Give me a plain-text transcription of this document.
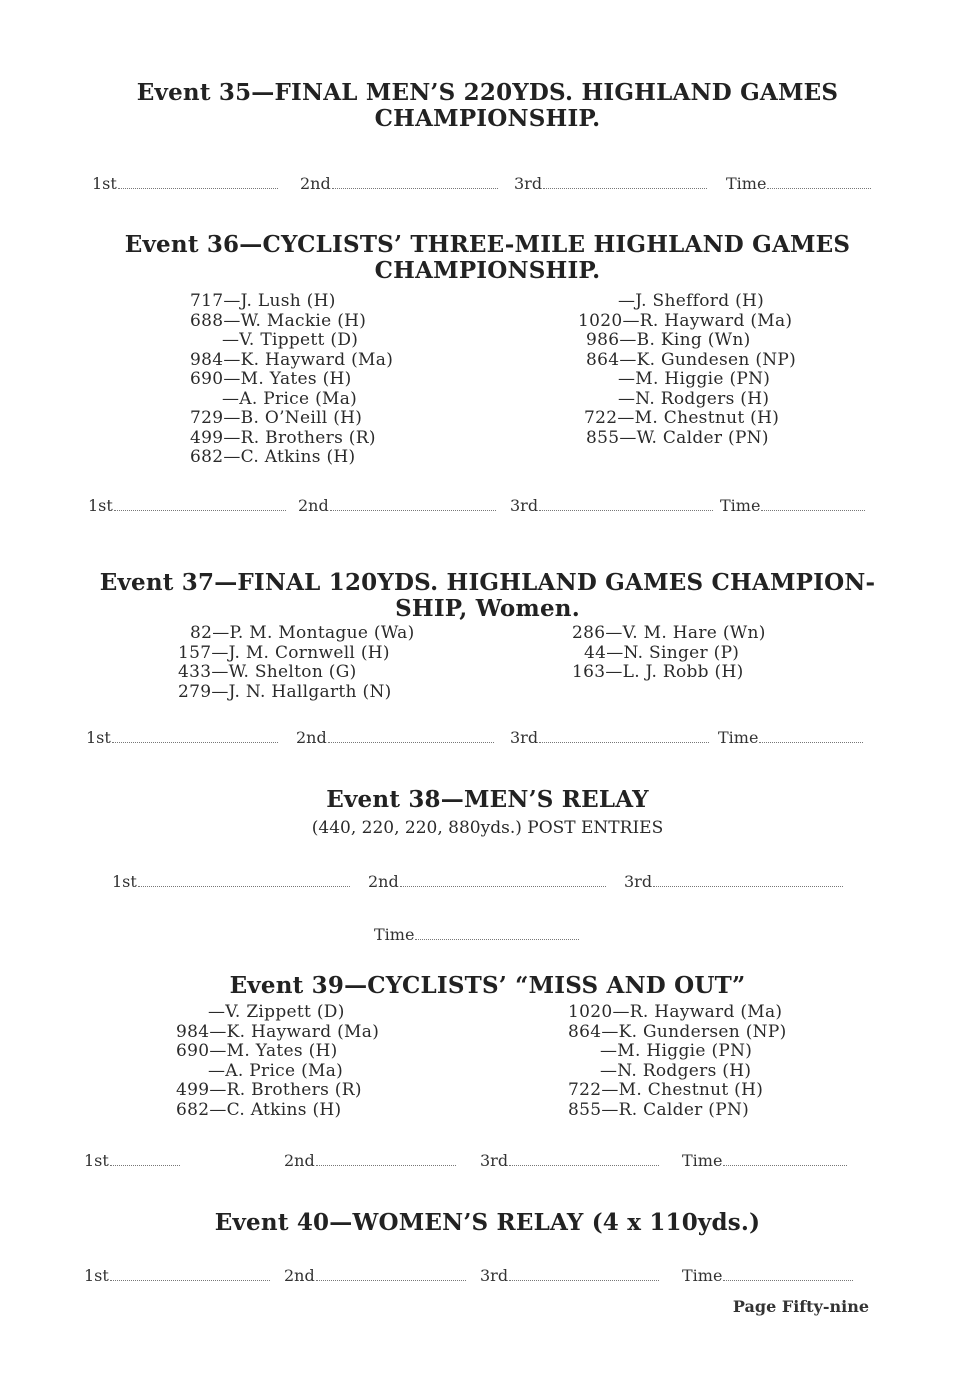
Event 35—FINAL MEN’S 220YDS. HIGHLAND GAMES
CHAMPIONSHIP.
1st	2nd	3rd	Time
Event 36—CYCLISTS’ THREE-MILE HIGHLAND GAMES
CHAMPIONSHIP.
717—J. Lush (H)
688—W. Mackie (H)
—V. Tippett (D)
984—K. Hayward (Ma)
690—M. Yates (H)
—A. Price (Ma)
729—B. O’Neill (H)
499—R. Brothers (R)
682—C. Atkins (H)
—J. Shefford (H)
1020—R. Hayward (Ma)
986—B. King (Wn)
864—K. Gundesen (NP)
—M. Higgie (PN)
—N. Rodgers (H)
722—M. Chestnut (H)
855—W. Calder (PN)
1st	2nd	3rd	Time
Event 37—FINAL 120YDS. HIGHLAND GAMES CHAMPION-
SHIP, Women.
82—P. M. Montague (Wa)
157—J. M. Cornwell (H)
433—W. Shelton (G)
279—J. N. Hallgarth (N)
286—V. M. Hare (Wn)
44—N. Singer (P)
163—L. J. Robb (H)
1st	2nd	3rd	Time
Event 38—MEN’S RELAY
(440, 220, 220, 880yds.) POST ENTRIES
1st	2nd	3rd
Time
Event 39—CYCLISTS’ “MISS AND OUT”
—V. Zippett (D)
984—K. Hayward (Ma)
690—M. Yates (H)
—A. Price (Ma)
499—R. Brothers (R)
682—C. Atkins (H)
1020—R. Hayward (Ma)
864—K. Gundersen (NP)
—M. Higgie (PN)
—N. Rodgers (H)
722—M. Chestnut (H)
855—R. Calder (PN)
1st	2nd	3rd	Time
Event 40—WOMEN’S RELAY (4 x 110yds.)
1st	2nd	3rd	Time
Page Fifty-nine
